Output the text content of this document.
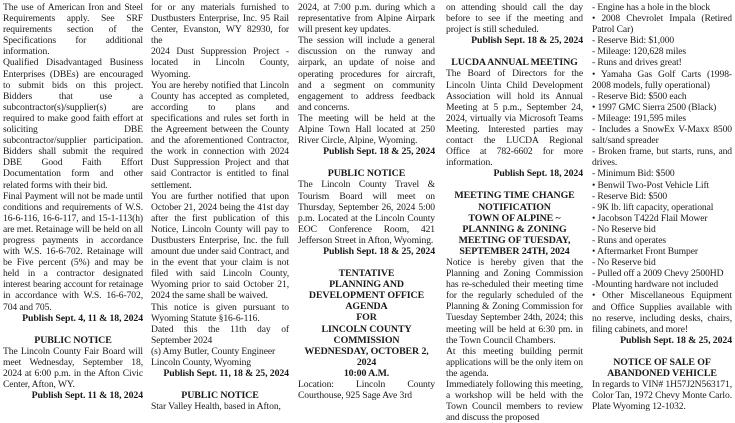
The use of American Iron and Steel Requirements apply. See SRF requirements section of the Specifications for additional information.
Qualified Disadvantaged Business Enterprises (DBEs) are encouraged to submit bids on this project. Bidders that use a subcontractor(s)/supplier(s) are required to make good faith effort at soliciting DBE subcontractor/supplier participation. Bidders shall submit the required DBE Good Faith Effort Documentation form and other related forms with their bid.
Final Payment will not be made until conditions and requirements of W.S. 16-6-116, 16-6-117, and 15-1-113(h) are met. Retainage will be held on all progress payments in accordance with W.S. 16-6-702. Retainage will be Five percent (5%) and may be held in a contractor designated interest bearing account for retainage in accordance with W.S. 16-6-702, 704 and 705.
Publish Sept. 4, 11 & 18, 2024
PUBLIC NOTICE
The Lincoln County Fair Board will meet Wednesday, September 18, 2024 at 6:00 p.m. in the Afton Civic Center, Afton, WY.
Publish Sept. 11 & 18, 2024
for or any materials furnished to Dustbusters Enterprise, Inc. 95 Rail Center, Evanston, WY 82930, for the
2024 Dust Suppression Project - located in Lincoln County, Wyoming.
You are hereby notified that Lincoln County has accepted as completed, according to plans and specifications and rules set forth in the Agreement between the County and the aforementioned Contractor, the work in connection with 2024 Dust Suppression Project and that said Contractor is entitled to final settlement.
You are further notified that upon October 21, 2024 being the 41st day after the first publication of this Notice, Lincoln County will pay to Dustbusters Enterprise, Inc. the full amount due under said Contract, and in the event that your claim is not filed with said Lincoln County, Wyoming prior to said October 21, 2024 the same shall be waived.
This notice is given pursuant to Wyoming Statute §16-6-116.
Dated this the 11th day of September 2024
(s) Amy Butler, County Engineer
Lincoln County, Wyoming
Publish Sept. 11, 18 & 25, 2024
PUBLIC NOTICE
Star Valley Health, based in Afton,
2024, at 7:00 p.m. during which a representative from Alpine Airpark will present key updates.
The session will include a general discussion on the runway and airpark, an update of noise and operating procedures for aircraft, and a segment on community engagement to address feedback and concerns.
The meeting will be held at the Alpine Town Hall located at 250 River Circle, Alpine, Wyoming.
Publish Sept. 18 & 25, 2024
PUBLIC NOTICE
The Lincoln County Travel & Tourism Board will meet on Thursday, September 26, 2024 5:00 p.m. Located at the Lincoln County EOC Conference Room, 421 Jefferson Street in Afton, Wyoming.
Publish Sept. 18 & 25, 2024
TENTATIVE
PLANNING AND DEVELOPMENT OFFICE AGENDA
FOR
LINCOLN COUNTY COMMISSION
WEDNESDAY, OCTOBER 2, 2024
10:00 A.M.
Location: Lincoln County Courthouse, 925 Sage Ave 3rd
on attending should call the day before to see if the meeting and project is still scheduled.
Publish Sept. 18 & 25, 2024
LUCDA ANNUAL MEETING
The Board of Directors for the Lincoln Uinta Child Development Association will hold its Annual Meeting at 5 p.m., September 24, 2024, virtually via Microsoft Teams Meeting. Interested parties may contact the LUCDA Regional Office at 782-6602 for more information.
Publish Sept. 18, 2024
MEETING TIME CHANGE NOTIFICATION
TOWN OF ALPINE ~ PLANNING & ZONING MEETING OF TUESDAY, SEPTEMBER 24TH, 2024
Notice is hereby given that the Planning and Zoning Commission has re-scheduled their meeting time for the regularly scheduled of the Planning & Zoning Commission for Tuesday September 24th, 2024; this meeting will be held at 6:30 pm. in the Town Council Chambers.
At this meeting building permit applications will be the only item on the agenda.
Immediately following this meeting, a workshop will be held with the Town Council members to review and discuss the proposed
- Engine has a hole in the block
• 2008 Chevrolet Impala (Retired Patrol Car)
- Reserve Bid: $1,000
- Mileage: 120,628 miles
- Runs and drives great!
• Yamaha Gas Golf Carts (1998-2008 models, fully operational)
- Reserve Bid: $500 each
• 1997 GMC Sierra 2500 (Black)
- Mileage: 191,595 miles
- Includes a SnowEx V-Maxx 8500 salt/sand spreader
- Broken frame, but starts, runs, and drives.
- Minimum Bid: $500
• Benwil Two-Post Vehicle Lift
- Reserve Bid: $500
- 9K lb. lift capacity, operational
• Jacobson T422d Flail Mower
- No Reserve bid
- Runs and operates
• Aftermarket Front Bumper
- No Reserve bid
- Pulled off a 2009 Chevy 2500HD
-Mounting hardware not included
• Other Miscellaneous Equipment and Office Supplies available with no reserve, including desks, chairs, filing cabinets, and more!
Publish Sept. 18 & 25, 2024
NOTICE OF SALE OF ABANDONED VEHICLE
In regards to VIN# 1H57J2N563171, Color Tan, 1972 Chevy Monte Carlo. Plate Wyoming 12-1032.
